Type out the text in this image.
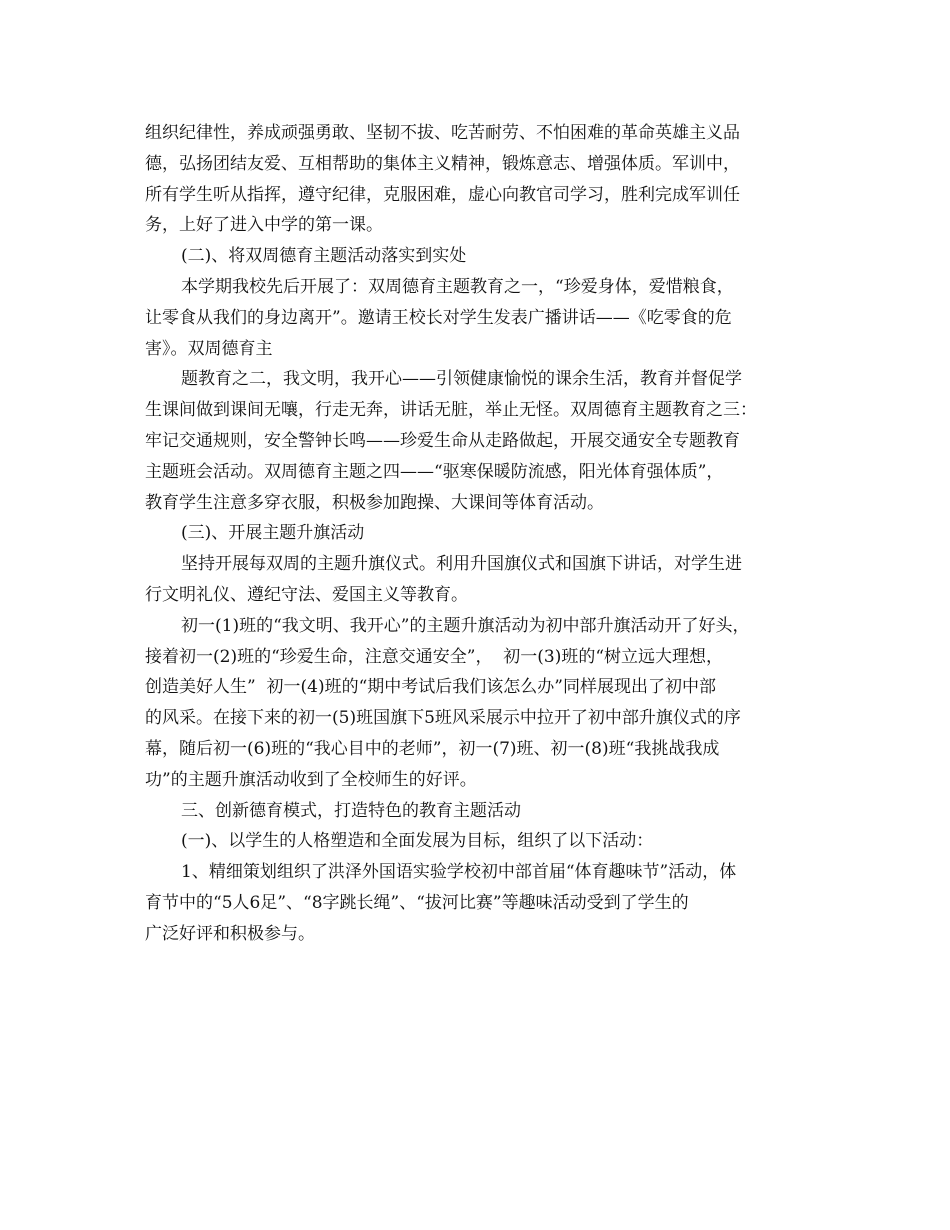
组织纪律性，养成顽强勇敢、坚韧不拔、吃苦耐劳、不怕困难的革命英雄主义品
德，弘扬团结友爱、互相帮助的集体主义精神，锻炼意志、增强体质。军训中，
所有学生听从指挥，遵守纪律，克服困难，虚心向教官司学习，胜利完成军训任
务，上好了进入中学的第一课。
(二)、将双周德育主题活动落实到实处
本学期我校先后开展了：双周德育主题教育之一，“珍爱身体，爱惜粮食，
让零食从我们的身边离开”。邀请王校长对学生发表广播讲话——《吃零食的危
害》。双周德育主
题教育之二，我文明，我开心——引领健康愉悦的课余生活，教育并督促学
生课间做到课间无嚷，行走无奔，讲话无脏，举止无怪。双周德育主题教育之三：
牢记交通规则，安全警钟长鸣——珍爱生命从走路做起，开展交通安全专题教育
主题班会活动。双周德育主题之四——“驱寒保暖防流感，阳光体育强体质”，
教育学生注意多穿衣服，积极参加跑操、大课间等体育活动。
(三)、开展主题升旗活动
坚持开展每双周的主题升旗仪式。利用升国旗仪式和国旗下讲话，对学生进
行文明礼仪、遵纪守法、爱国主义等教育。
初一(1)班的“我文明、我开心”的主题升旗活动为初中部升旗活动开了好头，
接着初一(2)班的“珍爱生命，注意交通安全”，  初一(3)班的“树立远大理想，
创造美好人生”  初一(4)班的“期中考试后我们该怎么办”同样展现出了初中部
的风采。在接下来的初一(5)班国旗下5班风采展示中拉开了初中部升旗仪式的序
幕，随后初一(6)班的“我心目中的老师”，初一(7)班、初一(8)班“我挑战我成
功”的主题升旗活动收到了全校师生的好评。
三、创新德育模式，打造特色的教育主题活动
(一)、以学生的人格塑造和全面发展为目标，组织了以下活动：
1、精细策划组织了洪泽外国语实验学校初中部首届“体育趣味节”活动，体
育节中的“5人6足”、“8字跳长绳”、“拔河比赛”等趣味活动受到了学生的
广泛好评和积极参与。
